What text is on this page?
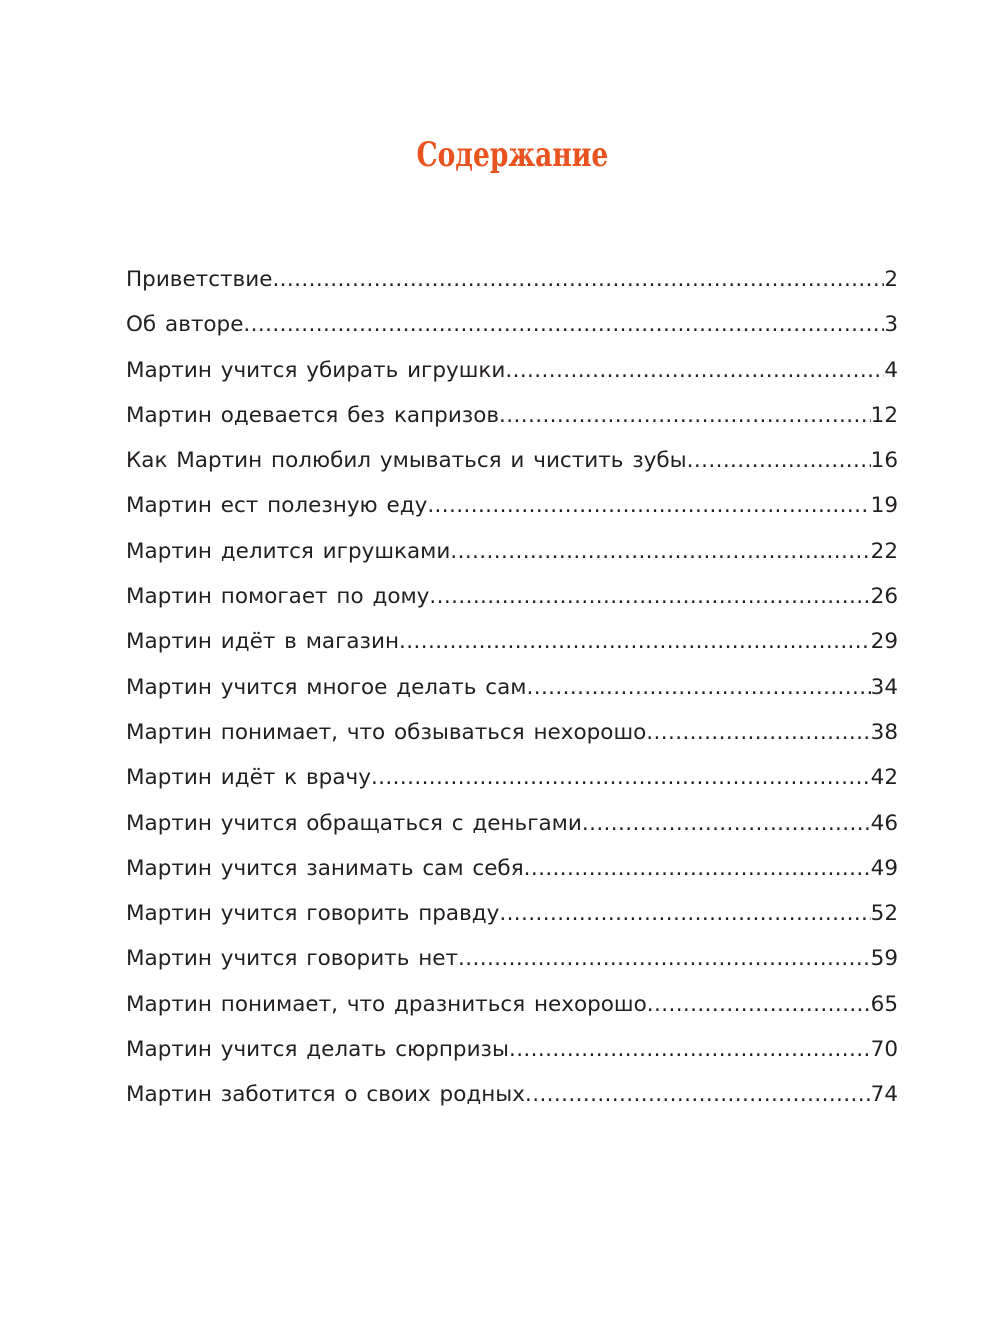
Содержание
Приветствие .....	2
Об авторе .....	3
Мартин учится убирать игрушки .....	4
Мартин одевается без капризов .....	12
Как Мартин полюбил умываться и чистить зубы .....	16
Мартин ест полезную еду .....	19
Мартин делится игрушками .....	22
Мартин помогает по дому .....	26
Мартин идёт в магазин .....	29
Мартин учится многое делать сам .....	34
Мартин понимает, что обзываться нехорошо .....	38
Мартин идёт к врачу .....	42
Мартин учится обращаться с деньгами .....	46
Мартин учится занимать сам себя .....	49
Мартин учится говорить правду .....	52
Мартин учится говорить нет .....	59
Мартин понимает, что дразниться нехорошо .....	65
Мартин учится делать сюрпризы .....	70
Мартин заботится о своих родных .....	74
